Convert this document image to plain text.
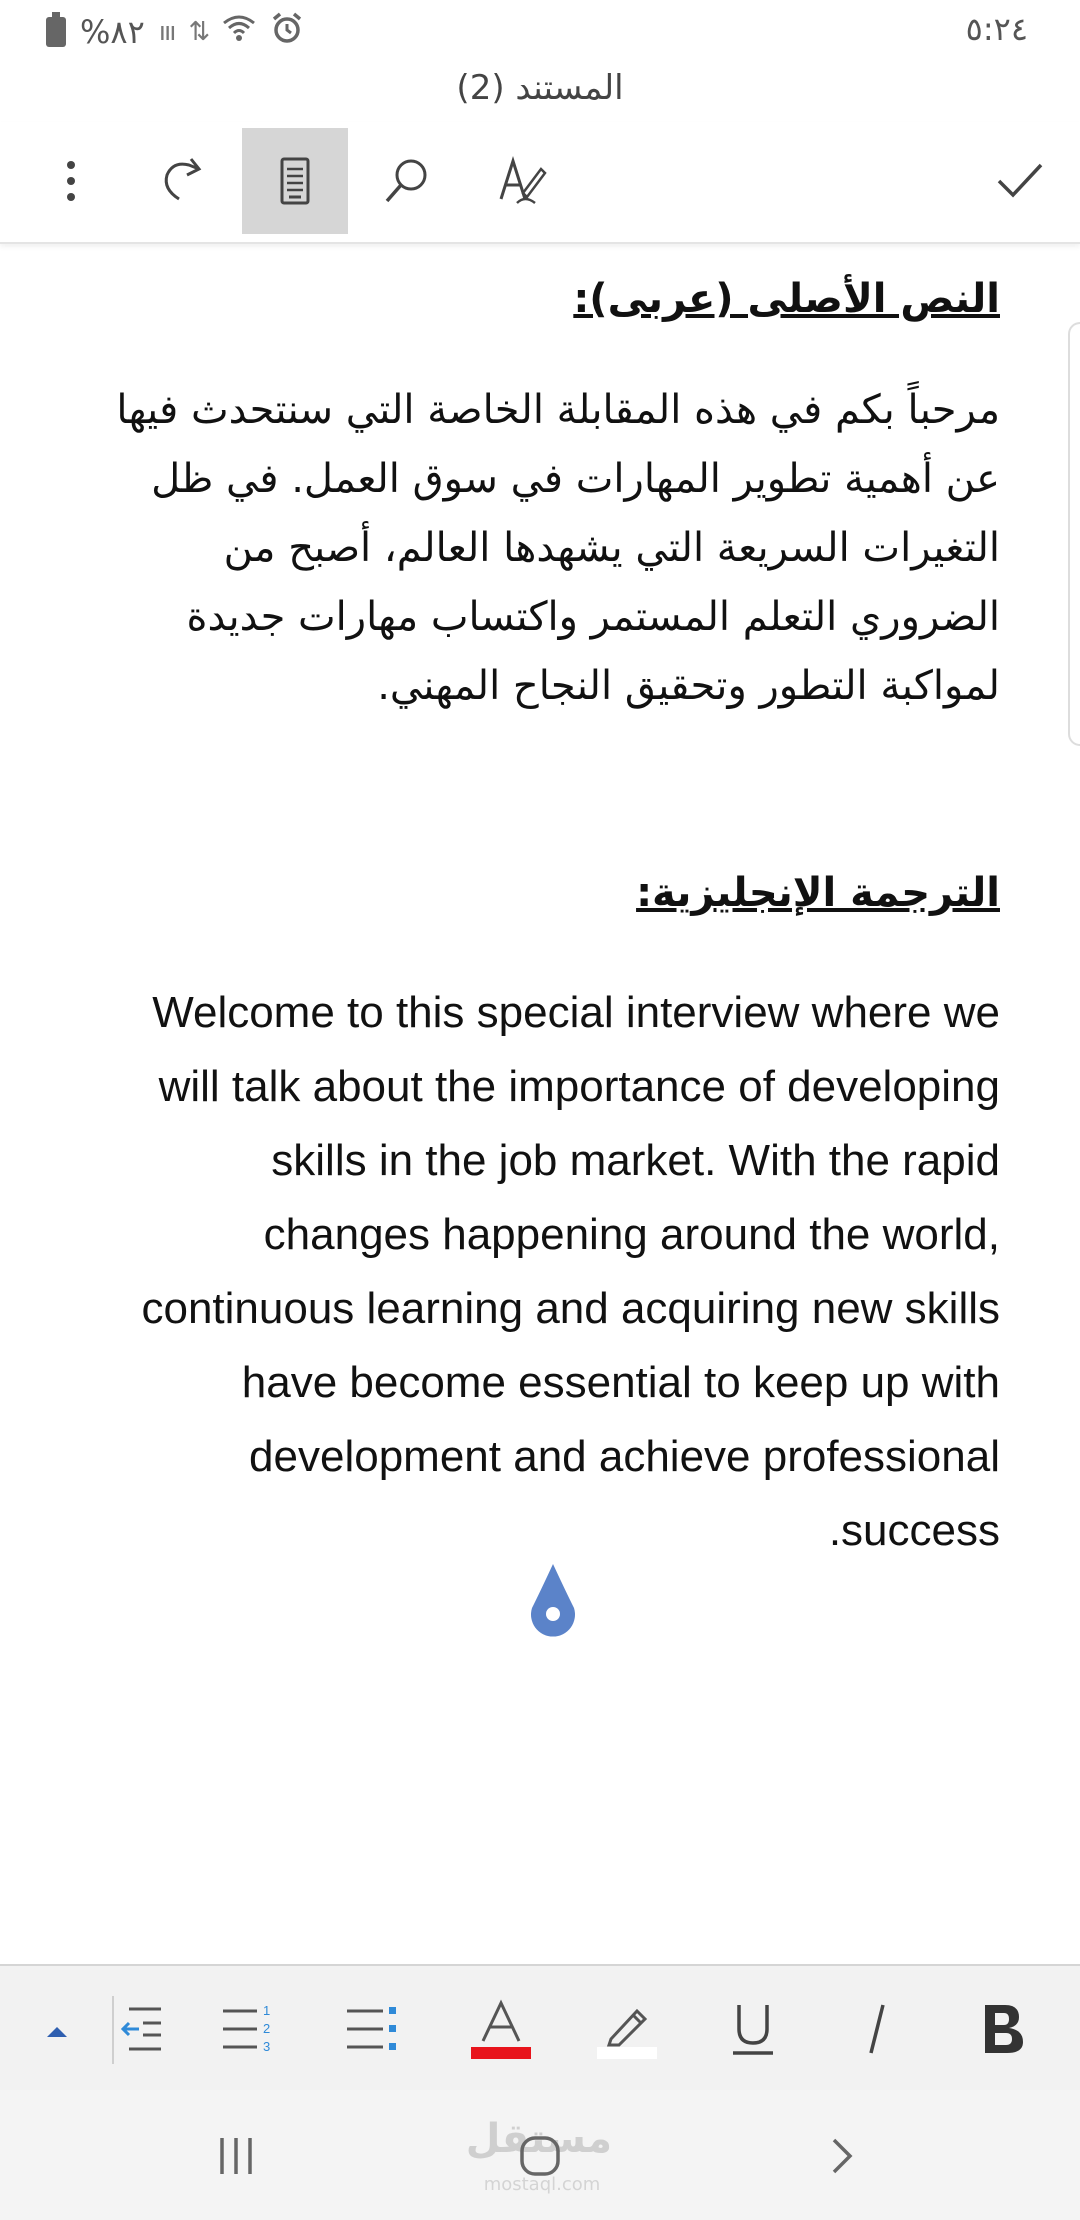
%٨٢ ııı ⇅	٥:٢٤
المستند (2)
النص الأصلى (عربى):
مرحباً بكم في هذه المقابلة الخاصة التي سنتحدث فيها عن أهمية تطوير المهارات في سوق العمل. في ظل التغيرات السريعة التي يشهدها العالم، أصبح من الضروري التعلم المستمر واكتساب مهارات جديدة لمواكبة التطور وتحقيق النجاح المهني.
الترجمة الإنجليزية:
Welcome to this special interview where we will talk about the importance of developing skills in the job market. With the rapid changes happening around the world, continuous learning and acquiring new skills have become essential to keep up with development and achieve professional success.
1
2
3
مستقل
mostaql.com
